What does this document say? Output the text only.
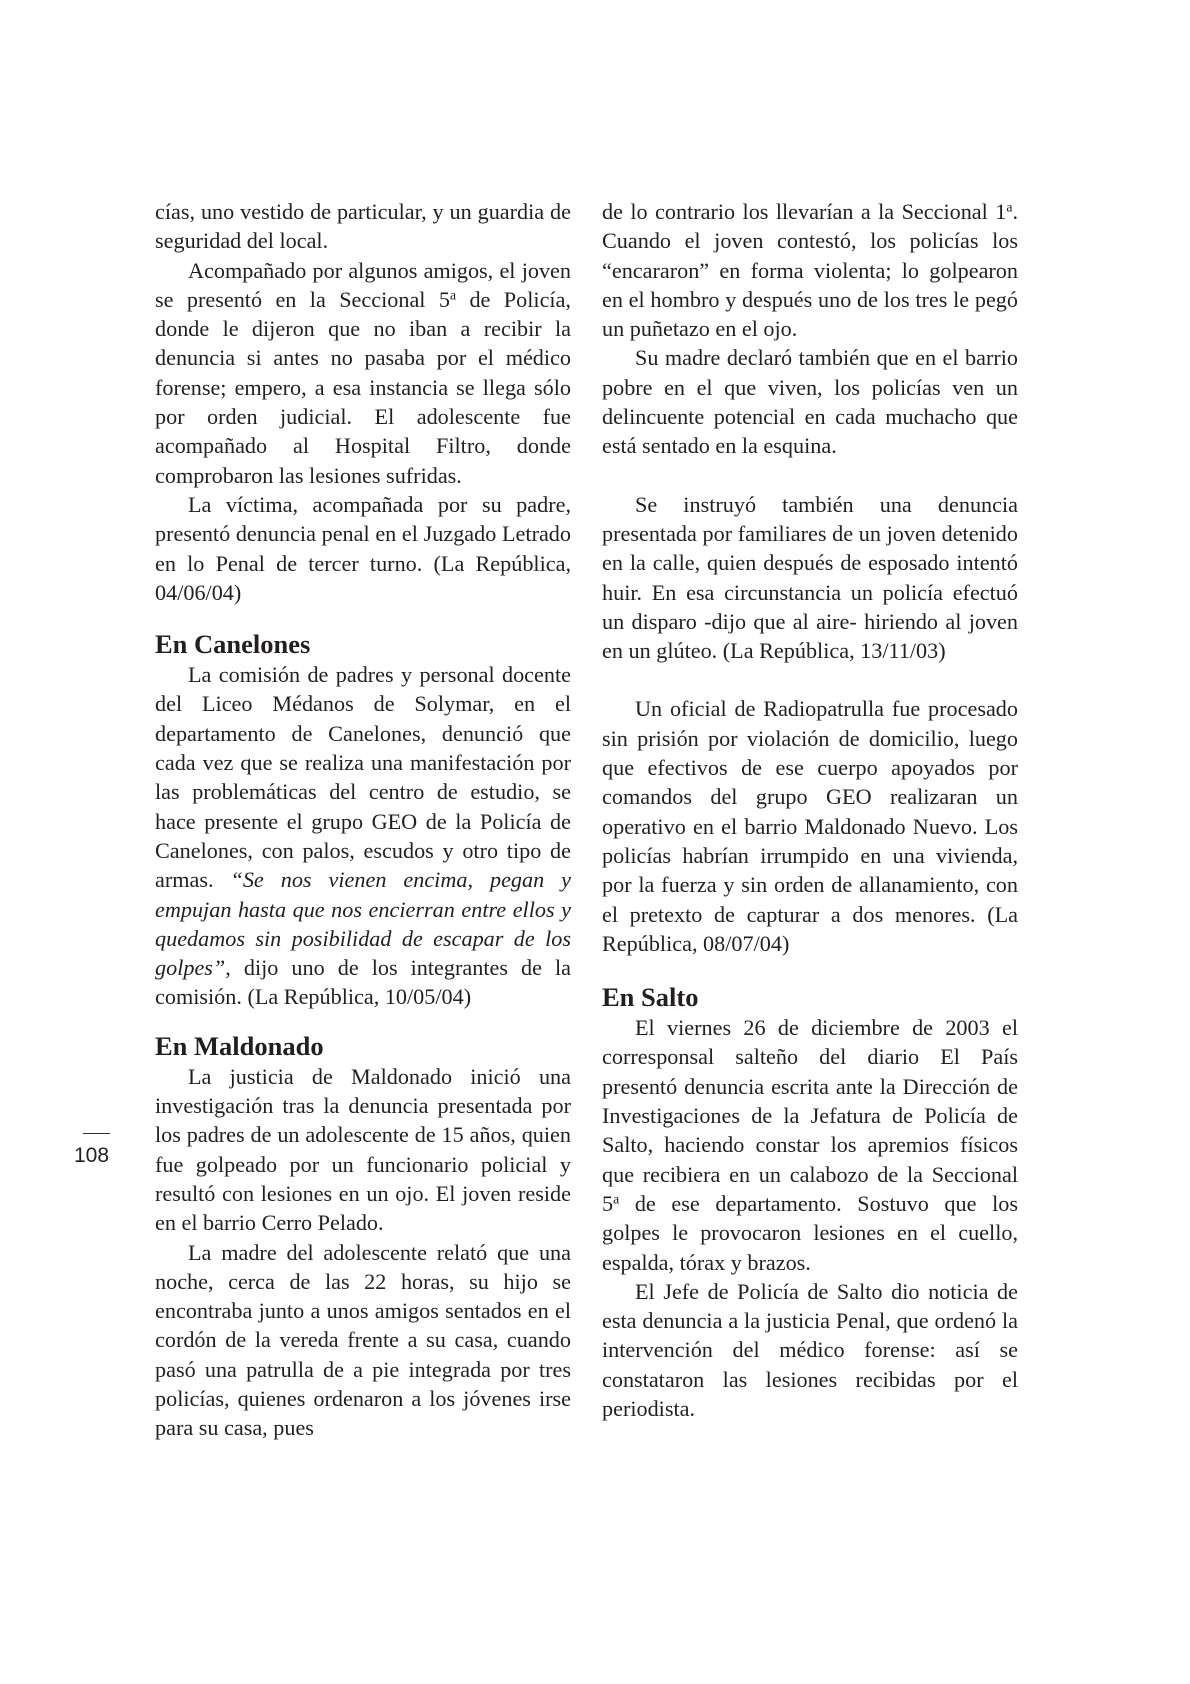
cías, uno vestido de particular, y un guardia de seguridad del local.

Acompañado por algunos amigos, el joven se presentó en la Seccional 5$^a$ de Policía, donde le dijeron que no iban a recibir la denuncia si antes no pasaba por el médico forense; empero, a esa instancia se llega sólo por orden judicial. El adolescente fue acompañado al Hospital Filtro, donde comprobaron las lesiones sufridas.

La víctima, acompañada por su padre, presentó denuncia penal en el Juzgado Letrado en lo Penal de tercer turno. (La República, 04/06/04)

En Canelones

La comisión de padres y personal docente del Liceo Médanos de Solymar, en el departamento de Canelones, denunció que cada vez que se realiza una manifestación por las problemáticas del centro de estudio, se hace presente el grupo GEO de la Policía de Canelones, con palos, escudos y otro tipo de armas. “Se nos vienen encima, pegan y empujan hasta que nos encierran entre ellos y quedamos sin posibilidad de escapar de los golpes”, dijo uno de los integrantes de la comisión. (La República, 10/05/04)

En Maldonado

La justicia de Maldonado inició una investigación tras la denuncia presentada por los padres de un adolescente de 15 años, quien fue golpeado por un funcionario policial y resultó con lesiones en un ojo. El joven reside en el barrio Cerro Pelado.

La madre del adolescente relató que una noche, cerca de las 22 horas, su hijo se encontraba junto a unos amigos sentados en el cordón de la vereda frente a su casa, cuando pasó una patrulla de a pie integrada por tres policías, quienes ordenaron a los jóvenes irse para su casa, pues

de lo contrario los llevarían a la Seccional 1$^a$. Cuando el joven contestó, los policías los “encararon” en forma violenta; lo golpearon en el hombro y después uno de los tres le pegó un puñetazo en el ojo.

Su madre declaró también que en el barrio pobre en el que viven, los policías ven un delincuente potencial en cada muchacho que está sentado en la esquina.

Se instruyó también una denuncia presentada por familiares de un joven detenido en la calle, quien después de esposado intentó huir. En esa circunstancia un policía efectuó un disparo -dijo que al aire- hiriendo al joven en un glúteo. (La República, 13/11/03)

Un oficial de Radiopatrulla fue procesado sin prisión por violación de domicilio, luego que efectivos de ese cuerpo apoyados por comandos del grupo GEO realizaran un operativo en el barrio Maldonado Nuevo. Los policías habrían irrumpido en una vivienda, por la fuerza y sin orden de allanamiento, con el pretexto de capturar a dos menores. (La República, 08/07/04)

En Salto

El viernes 26 de diciembre de 2003 el corresponsal salteño del diario El País presentó denuncia escrita ante la Dirección de Investigaciones de la Jefatura de Policía de Salto, haciendo constar los apremios físicos que recibiera en un calabozo de la Seccional 5$^a$ de ese departamento. Sostuvo que los golpes le provocaron lesiones en el cuello, espalda, tórax y brazos.

El Jefe de Policía de Salto dio noticia de esta denuncia a la justicia Penal, que ordenó la intervención del médico forense: así se constataron las lesiones recibidas por el periodista.

108
